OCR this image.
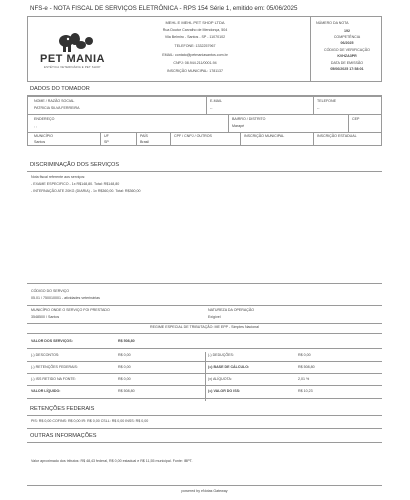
NFS-e - NOTA FISCAL DE SERVIÇOS ELETRÔNICA - RPS 154 Série 1, emitido em: 05/06/2025
PET MANIA
ESTÉTICA VETERINÁRIA E PET SHOP
MEHL E MEHL PET SHOP LTDA
Rua Doutor Carvalho de Mendonça, 504
Vila Belmiro - Santos - SP - 11070102
TELEFONE: 1332257967
EMAIL: contato@petmaniasantos.com.br
CNPJ: 08.944.211/0001-94
INSCRIÇÃO MUNICIPAL: 1781137
NÚMERO DA NOTA
192
COMPETÊNCIA
06/2025
CÓDIGO DE VERIFICAÇÃO
KVHZA3PR
DATA DE EMISSÃO
05/06/2025 17:58:01
DADOS DO TOMADOR
NOME / RAZÃO SOCIAL
PATRICIA SILVA FERREIRA
E-MAIL
--
TELEFONE
--
ENDEREÇO
, ,
BAIRRO / DISTRITO
Marapé
CEP
MUNICÍPIO
Santos
UF
SP
PAÍS
Brasil
CPF / CNPJ / OUTROS	INSCRIÇÃO MUNICIPAL	INSCRIÇÃO ESTADUAL
DISCRIMINAÇÃO DOS SERVIÇOS
Nota fiscal referente aos serviços:
- EXAME ESPECIFICO - 1x R$148,80. Total: R$148,80
- INTERNAÇÃO ATE 20KG (DIARIA) - 1x R$360,00. Total: R$360,00
CÓDIGO DO SERVIÇO
05.01 / 750010001 - atividades veterinárias
MUNICÍPIO ONDE O SERVIÇO FOI PRESTADO
3548500 / Santos
NATUREZA DA OPERAÇÃO
Exigível
REGIME ESPECIAL DE TRIBUTAÇÃO: ME EPP - Simples Nacional
VALOR DOS SERVIÇOS:	R$ 508,80
(-) DESCONTOS:	R$ 0,00	(-) DEDUÇÕES:	R$ 0,00
(-) RETENÇÕES FEDERAIS:	R$ 0,00	(=) BASE DE CÁLCULO:	R$ 508,80
(-) ISS RETIDO NA FONTE:	R$ 0,00	(x) ALÍQUOTA:	2,01 %
VALOR LÍQUIDO:	R$ 508,80	(=) VALOR DO ISS:	R$ 10,23
RETENÇÕES FEDERAIS
PIS: R$ 0,00 COFINS: R$ 0,00 IR: R$ 0,00 CSLL: R$ 0,00 INSS: R$ 0,00
OUTRAS INFORMAÇÕES
Valor aproximado dos tributos: R$ 48,43 federal, R$ 0,00 estadual e R$ 11,55 municipal. Fonte: IBPT.
powered by eNotas Gateway
